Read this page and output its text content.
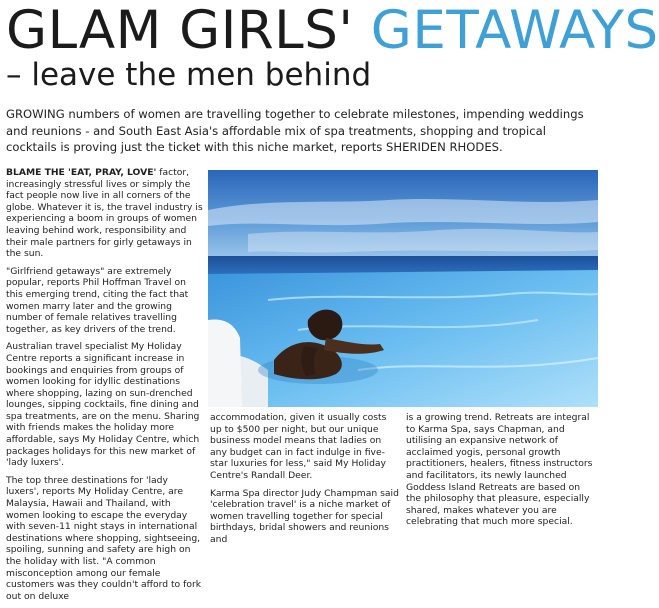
GLAM GIRLS' GETAWAYS
– leave the men behind

GROWING numbers of women are travelling together to celebrate milestones, impending weddings and reunions - and South East Asia's affordable mix of spa treatments, shopping and tropical cocktails is proving just the ticket with this niche market, reports SHERIDEN RHODES.

BLAME THE 'EAT, PRAY, LOVE' factor, increasingly stressful lives or simply the fact people now live in all corners of the globe. Whatever it is, the travel industry is experiencing a boom in groups of women leaving behind work, responsibility and their male partners for girly getaways in the sun.

"Girlfriend getaways" are extremely popular, reports Phil Hoffman Travel on this emerging trend, citing the fact that women marry later and the growing number of female relatives travelling together, as key drivers of the trend.

Australian travel specialist My Holiday Centre reports a significant increase in bookings and enquiries from groups of women looking for idyllic destinations where shopping, lazing on sun-drenched lounges, sipping cocktails, fine dining and spa treatments, are on the menu. Sharing with friends makes the holiday more affordable, says My Holiday Centre, which packages holidays for this new market of 'lady luxers'.

The top three destinations for 'lady luxers', reports My Holiday Centre, are Malaysia, Hawaii and Thailand, with women looking to escape the everyday with seven-11 night stays in international destinations where shopping, sightseeing, spoiling, sunning and safety are high on the holiday with list. "A common misconception among our female customers was they couldn't afford to fork out on deluxe

accommodation, given it usually costs up to $500 per night, but our unique business model means that ladies on any budget can in fact indulge in five-star luxuries for less," said My Holiday Centre's Randall Deer.

Karma Spa director Judy Champman said 'celebration travel' is a niche market of women travelling together for special birthdays, bridal showers and reunions and

is a growing trend. Retreats are integral to Karma Spa, says Chapman, and utilising an expansive network of acclaimed yogis, personal growth practitioners, healers, fitness instructors and facilitators, its newly launched Goddess Island Retreats are based on the philosophy that pleasure, especially shared, makes whatever you are celebrating that much more special.
